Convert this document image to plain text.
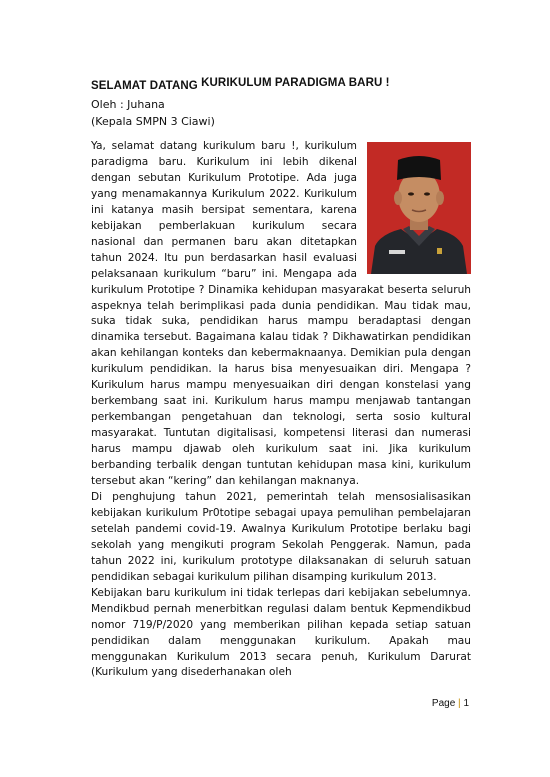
SELAMAT DATANG KURIKULUM PARADIGMA BARU !
Oleh : Juhana
(Kepala SMPN 3 Ciawi)

Ya, selamat datang kurikulum baru !, kurikulum paradigma baru. Kurikulum ini lebih dikenal dengan sebutan Kurikulum Prototipe. Ada juga yang menamakannya Kurikulum 2022. Kurikulum ini katanya masih bersipat sementara, karena kebijakan pemberlakuan kurikulum secara nasional dan permanen baru akan ditetapkan tahun 2024. Itu pun berdasarkan hasil evaluasi pelaksanaan kurikulum “baru” ini. Mengapa ada kurikulum Prototipe ? Dinamika kehidupan masyarakat beserta seluruh aspeknya telah berimplikasi pada dunia pendidikan. Mau tidak mau, suka tidak suka, pendidikan harus mampu beradaptasi dengan dinamika tersebut. Bagaimana kalau tidak ? Dikhawatirkan pendidikan akan kehilangan konteks dan kebermaknaanya. Demikian pula dengan kurikulum pendidikan. Ia harus bisa menyesuaikan diri. Mengapa ? Kurikulum harus mampu menyesuaikan diri dengan konstelasi yang berkembang saat ini. Kurikulum harus mampu menjawab tantangan perkembangan pengetahuan dan teknologi, serta sosio kultural masyarakat. Tuntutan digitalisasi, kompetensi literasi dan numerasi harus mampu djawab oleh kurikulum saat ini. Jika kurikulum berbanding terbalik dengan tuntutan kehidupan masa kini, kurikulum tersebut akan “kering” dan kehilangan maknanya.

Di penghujung tahun 2021, pemerintah telah mensosialisasikan kebijakan kurikulum Pr0totipe sebagai upaya pemulihan pembelajaran setelah pandemi covid-19. Awalnya Kurikulum Prototipe berlaku bagi sekolah yang mengikuti program Sekolah Penggerak. Namun, pada tahun 2022 ini, kurikulum prototype dilaksanakan di seluruh satuan pendidikan sebagai kurikulum pilihan disamping kurikulum 2013.

Kebijakan baru kurikulum ini tidak terlepas dari kebijakan sebelumnya. Mendikbud pernah menerbitkan regulasi dalam bentuk Kepmendikbud nomor 719/P/2020 yang memberikan pilihan kepada setiap satuan pendidikan dalam menggunakan kurikulum. Apakah mau menggunakan Kurikulum 2013 secara penuh, Kurikulum Darurat (Kurikulum yang disederhanakan oleh

Page | 1
